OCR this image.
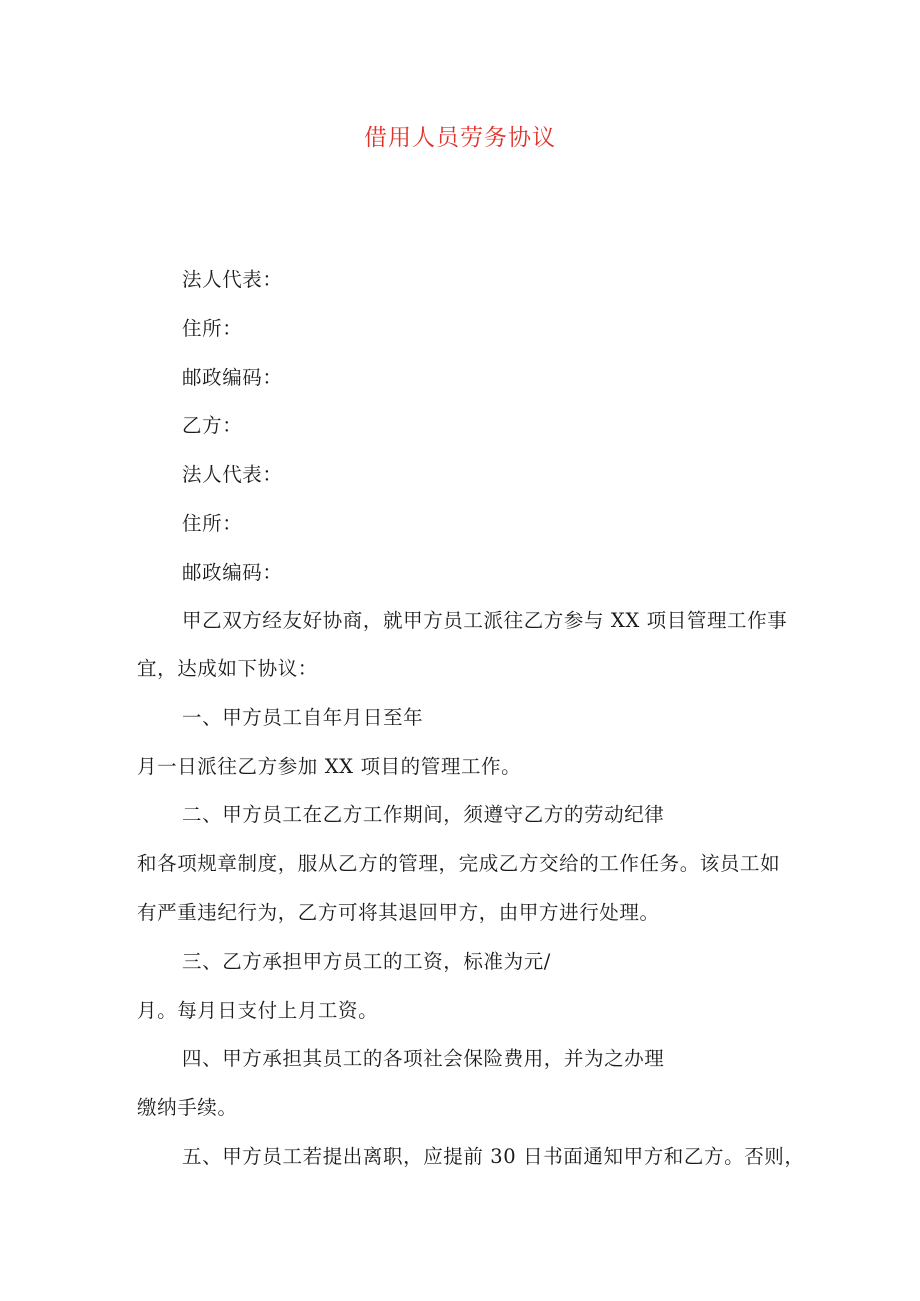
借用人员劳务协议
法人代表：
住所：
邮政编码：
乙方：
法人代表：
住所：
邮政编码：
甲乙双方经友好协商，就甲方员工派往乙方参与 XX 项目管理工作事
宜，达成如下协议：
一、甲方员工自年月日至年
月一日派往乙方参加 XX 项目的管理工作。
二、甲方员工在乙方工作期间，须遵守乙方的劳动纪律
和各项规章制度，服从乙方的管理，完成乙方交给的工作任务。该员工如
有严重违纪行为，乙方可将其退回甲方，由甲方进行处理。
三、乙方承担甲方员工的工资，标准为元/
月。每月日支付上月工资。
四、甲方承担其员工的各项社会保险费用，并为之办理
缴纳手续。
五、甲方员工若提出离职，应提前 30 日书面通知甲方和乙方。否则，
